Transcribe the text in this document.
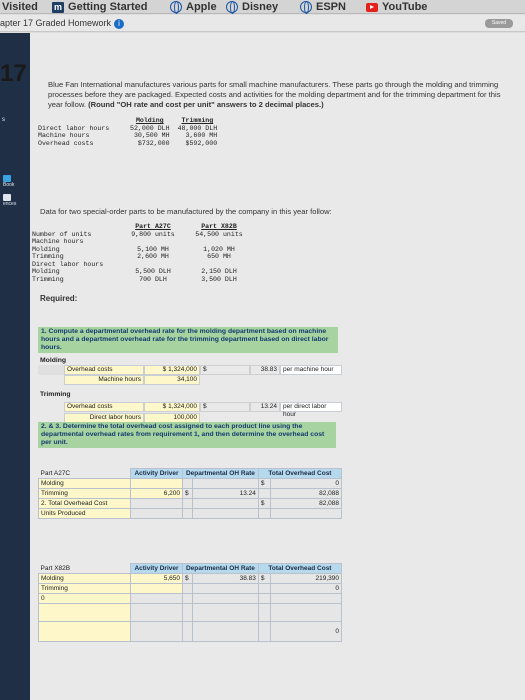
Visited m Getting Started	Apple Disney	ESPN	YouTube
apter 17 Graded Homework i	Saved
s
Book
ences
17	Blue Fan International manufactures various parts for small machine manufacturers. These parts go through the molding and trimming processes before they are packaged. Expected costs and activities for the molding department and for the trimming department for this year follow. (Round "OH rate and cost per unit" answers to 2 decimal places.)
	Molding	Trimming
Direct labor hours	52,000 DLH	48,000 DLH
Machine hours	30,500 MH	3,600 MH
Overhead costs	$732,000	$592,000
Data for two special-order parts to be manufactured by the company in this year follow:
	Part A27C	Part X82B
Number of units	9,800 units	54,500 units
Machine hours		
Molding	5,100 MH	1,020 MH
Trimming	2,600 MH	650 MH
Direct labor hours		
Molding	5,500 DLH	2,150 DLH
Trimming	700 DLH	3,500 DLH
Required:
1. Compute a departmental overhead rate for the molding department based on machine hours and a department overhead rate for the trimming department based on direct labor hours.
Molding
Overhead costs	$ 1,324,000 $	38.83 per machine hour
Machine hours	34,100
Trimming
Overhead costs	$ 1,324,000 $	13.24 per direct labor hour
Direct labor hours	100,000
2. & 3. Determine the total overhead cost assigned to each product line using the departmental overhead rates from requirement 1, and then determine the overhead cost per unit.
Part A27C	Activity Driver	Departmental OH Rate		Total Overhead Cost	
Molding				$	0
Trimming	6,200	$	13.24		82,088
2. Total Overhead Cost				$	82,088
Units Produced					
Part X82B	Activity Driver	Departmental OH Rate		Total Overhead Cost	
Molding	5,650	$	38.83	$	219,390
Trimming					0
0					

					0
